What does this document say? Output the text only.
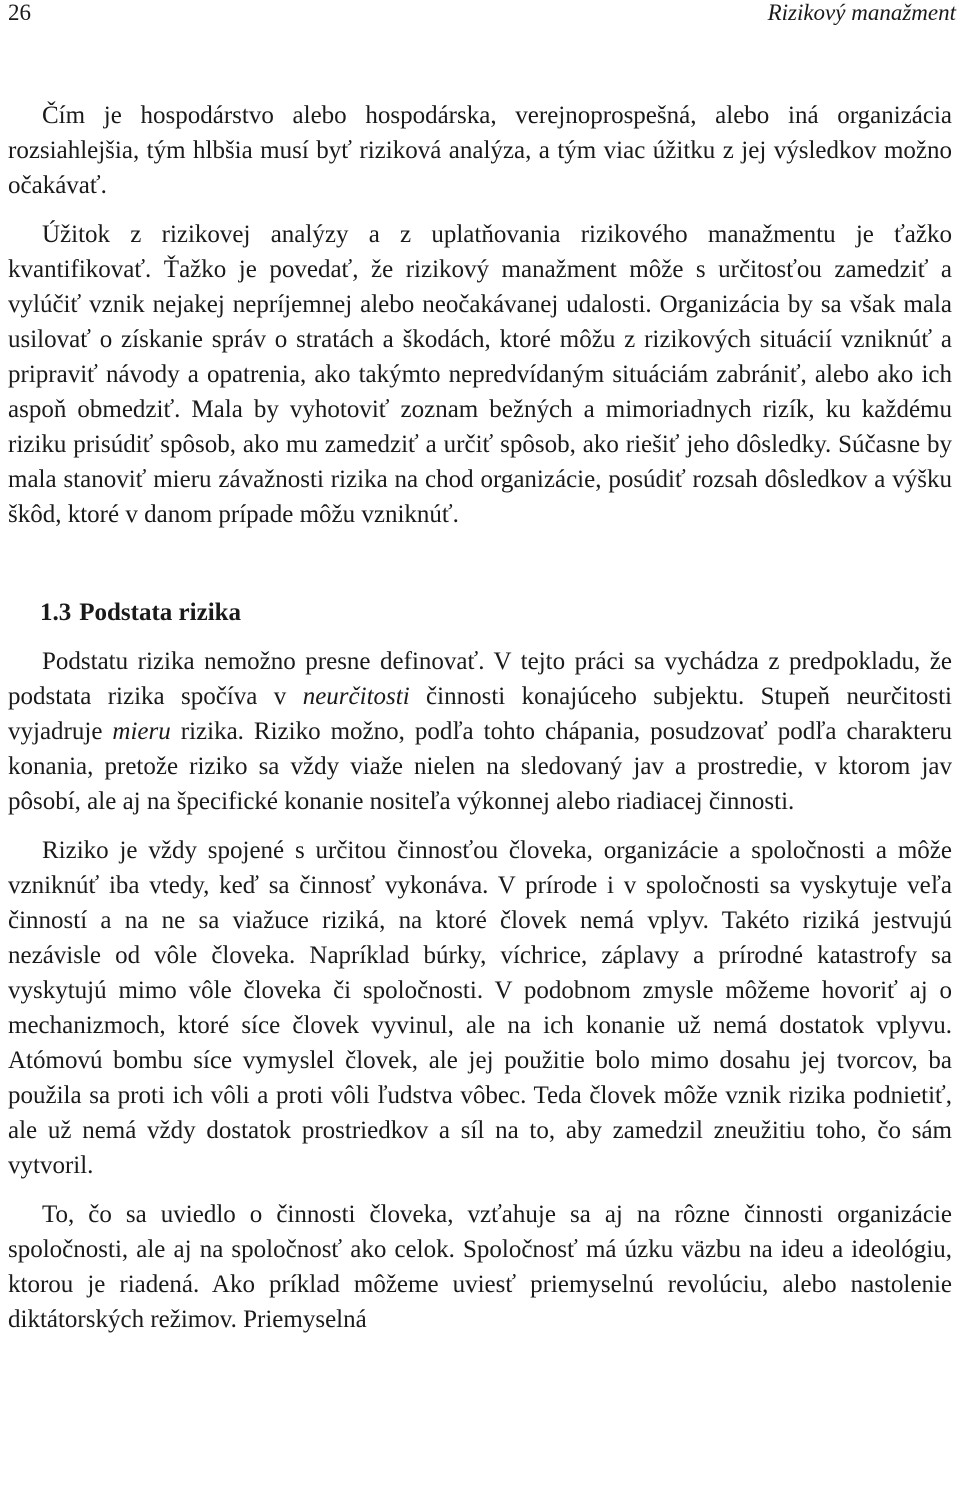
26	Rizikový manažment

Čím je hospodárstvo alebo hospodárska, verejnoprospešná, alebo iná organizácia rozsiahlejšia, tým hlbšia musí byť riziková analýza, a tým viac úžitku z jej výsledkov možno očakávať.

Úžitok z rizikovej analýzy a z uplatňovania rizikového manažmentu je ťažko kvantifikovať. Ťažko je povedať, že rizikový manažment môže s určitosťou zamedziť a vylúčiť vznik nejakej nepríjemnej alebo neočakávanej udalosti. Organizácia by sa však mala usilovať o získanie správ o stratách a škodách, ktoré môžu z rizikových situácií vzniknúť a pripraviť návody a opatrenia, ako takýmto nepredvídaným situáciám zabrániť, alebo ako ich aspoň obmedziť. Mala by vyhotoviť zoznam bežných a mimoriadnych rizík, ku každému riziku prisúdiť spôsob, ako mu zamedziť a určiť spôsob, ako riešiť jeho dôsledky. Súčasne by mala stanoviť mieru závažnosti rizika na chod organizácie, posúdiť rozsah dôsledkov a výšku škôd, ktoré v danom prípade môžu vzniknúť.

1.3 Podstata rizika

Podstatu rizika nemožno presne definovať. V tejto práci sa vychádza z predpokladu, že podstata rizika spočíva v neurčitosti činnosti konajúceho subjektu. Stupeň neurčitosti vyjadruje mieru rizika. Riziko možno, podľa tohto chápania, posudzovať podľa charakteru konania, pretože riziko sa vždy viaže nielen na sledovaný jav a prostredie, v ktorom jav pôsobí, ale aj na špecifické konanie nositeľa výkonnej alebo riadiacej činnosti.

Riziko je vždy spojené s určitou činnosťou človeka, organizácie a spoločnosti a môže vzniknúť iba vtedy, keď sa činnosť vykonáva. V prírode i v spoločnosti sa vyskytuje veľa činností a na ne sa viažuce riziká, na ktoré človek nemá vplyv. Takéto riziká jestvujú nezávisle od vôle človeka. Napríklad búrky, víchrice, záplavy a prírodné katastrofy sa vyskytujú mimo vôle človeka či spoločnosti. V podobnom zmysle môžeme hovoriť aj o mechanizmoch, ktoré síce človek vyvinul, ale na ich konanie už nemá dostatok vplyvu. Atómovú bombu síce vymyslel človek, ale jej použitie bolo mimo dosahu jej tvorcov, ba použila sa proti ich vôli a proti vôli ľudstva vôbec. Teda človek môže vznik rizika podnietiť, ale už nemá vždy dostatok prostriedkov a síl na to, aby zamedzil zneužitiu toho, čo sám vytvoril.

To, čo sa uviedlo o činnosti človeka, vzťahuje sa aj na rôzne činnosti organizácie spoločnosti, ale aj na spoločnosť ako celok. Spoločnosť má úzku väzbu na ideu a ideológiu, ktorou je riadená. Ako príklad môžeme uviesť priemyselnú revolúciu, alebo nastolenie diktátorských režimov. Priemyselná
